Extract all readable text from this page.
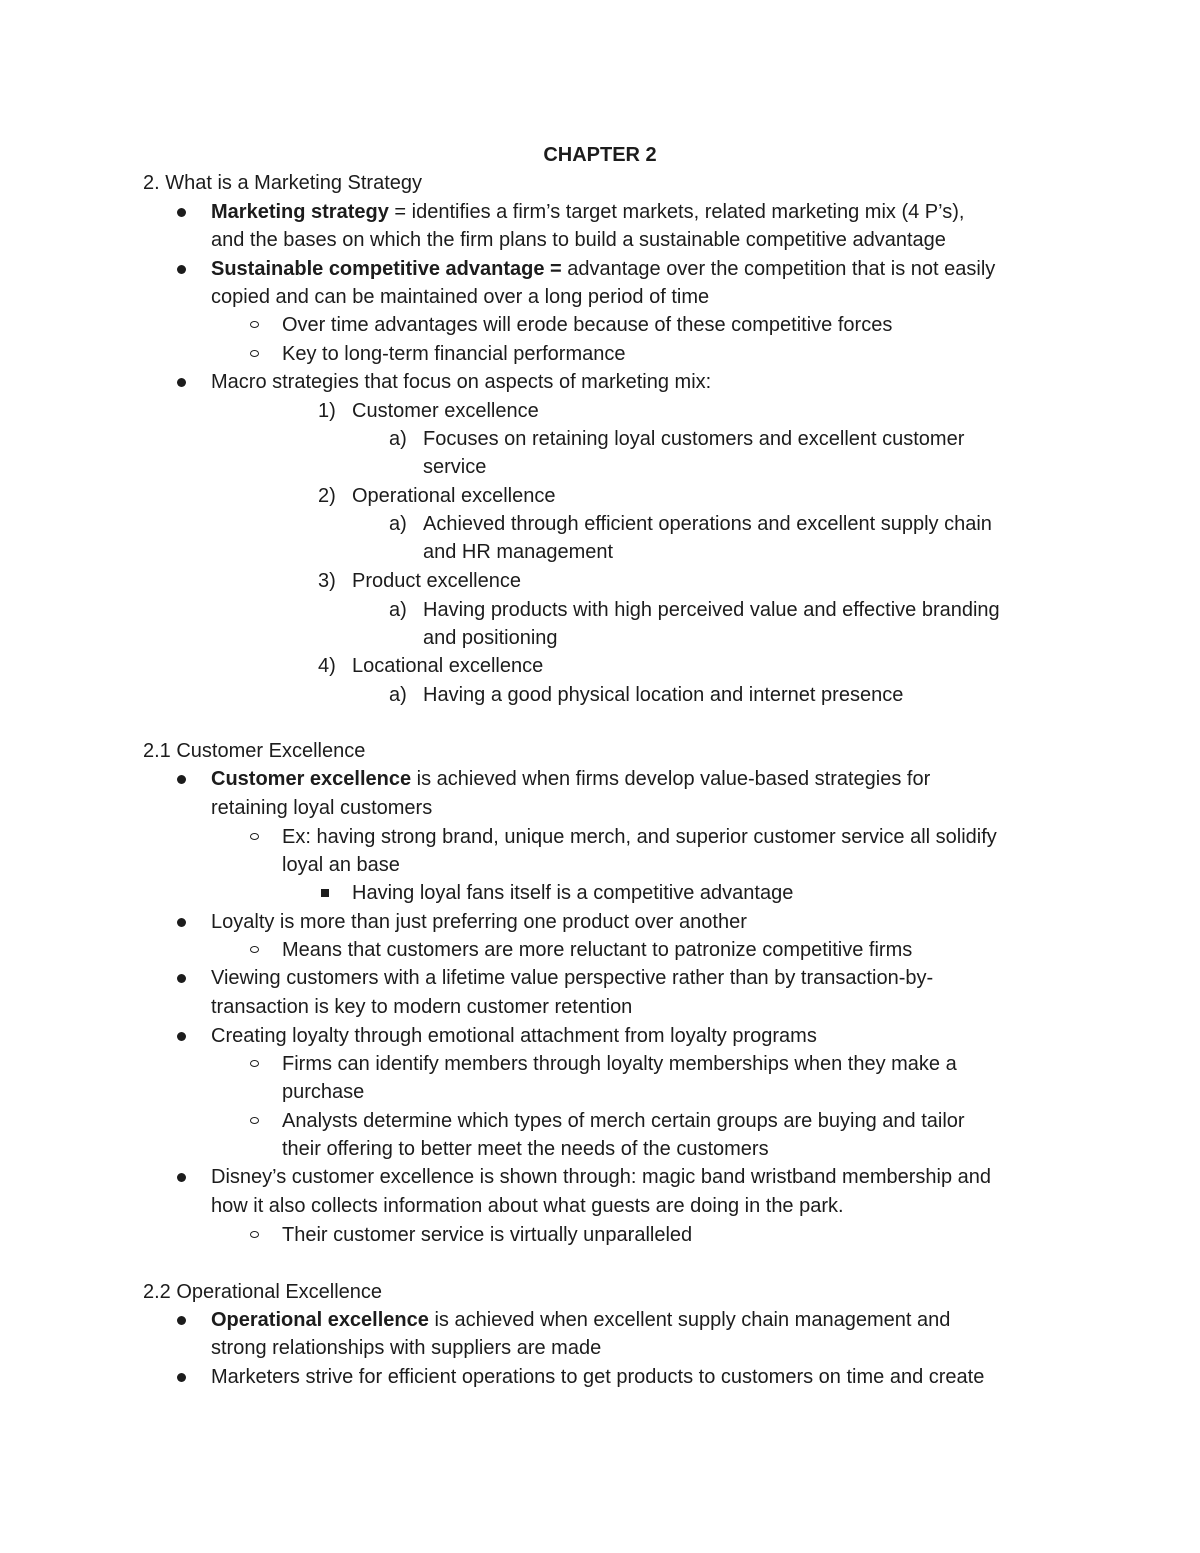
CHAPTER 2
2. What is a Marketing Strategy
Marketing strategy = identifies a firm’s target markets, related marketing mix (4 P’s),
and the bases on which the firm plans to build a sustainable competitive advantage
Sustainable competitive advantage = advantage over the competition that is not easily
copied and can be maintained over a long period of time
Over time advantages will erode because of these competitive forces
Key to long-term financial performance
Macro strategies that focus on aspects of marketing mix:
1) Customer excellence
a) Focuses on retaining loyal customers and excellent customer
service
2) Operational excellence
a) Achieved through efficient operations and excellent supply chain
and HR management
3) Product excellence
a) Having products with high perceived value and effective branding
and positioning
4) Locational excellence
a) Having a good physical location and internet presence
2.1 Customer Excellence
Customer excellence is achieved when firms develop value-based strategies for
retaining loyal customers
Ex: having strong brand, unique merch, and superior customer service all solidify
loyal an base
Having loyal fans itself is a competitive advantage
Loyalty is more than just preferring one product over another
Means that customers are more reluctant to patronize competitive firms
Viewing customers with a lifetime value perspective rather than by transaction-by-
transaction is key to modern customer retention
Creating loyalty through emotional attachment from loyalty programs
Firms can identify members through loyalty memberships when they make a
purchase
Analysts determine which types of merch certain groups are buying and tailor
their offering to better meet the needs of the customers
Disney’s customer excellence is shown through: magic band wristband membership and
how it also collects information about what guests are doing in the park.
Their customer service is virtually unparalleled
2.2 Operational Excellence
Operational excellence is achieved when excellent supply chain management and
strong relationships with suppliers are made
Marketers strive for efficient operations to get products to customers on time and create
